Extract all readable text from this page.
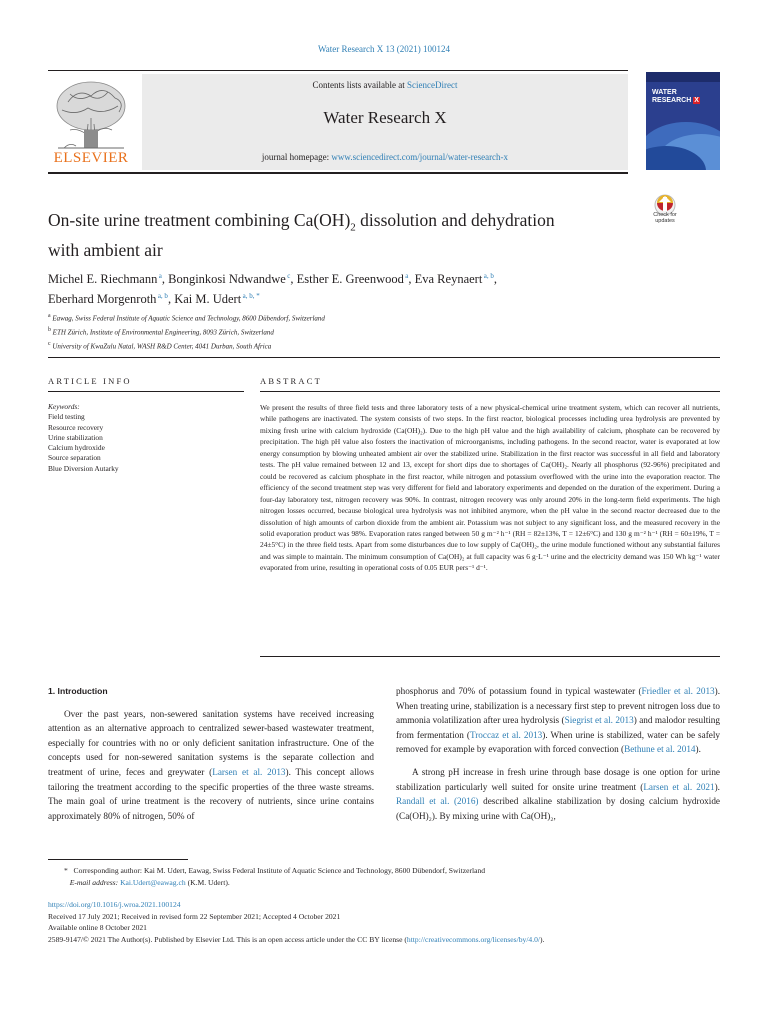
Water Research X 13 (2021) 100124
ELSEVIER
Contents lists available at ScienceDirect
Water Research X
journal homepage: www.sciencedirect.com/journal/water-research-x
WATER
RESEARCH X
On-site urine treatment combining $Ca(OH)_2$ dissolution and dehydration
with ambient air
Check for
updates
Michel E. Riechmann $^a$, Bonginkosi Ndwandwe $^c$, Esther E. Greenwood $^a$, Eva Reynaert $^{a, b}$,
Eberhard Morgenroth $^{a, b}$, Kai M. Udert $^{a, b, *}$
$^a$ Eawag, Swiss Federal Institute of Aquatic Science and Technology, 8600 Dübendorf, Switzerland
$^b$ ETH Zürich, Institute of Environmental Engineering, 8093 Zürich, Switzerland
$^c$ University of KwaZulu Natal, WASH R&D Center, 4041 Durban, South Africa
ARTICLE INFO	ABSTRACT
Keywords:
Field testing
Resource recovery
Urine stabilization
Calcium hydroxide
Source separation
Blue Diversion Autarky
We present the results of three field tests and three laboratory tests of a new physical-chemical urine treatment system, which can recover all nutrients, while pathogens are inactivated. The system consists of two steps. In the first reactor, biological processes including urea hydrolysis are prevented by mixing fresh urine with calcium hydroxide (Ca(OH)₂). Due to the high pH value and the high availability of calcium, phosphate can be recovered by precipitation. The high pH value also fosters the inactivation of microorganisms, including pathogens. In the second reactor, water is evaporated at low energy consumption by blowing unheated ambient air over the stabilized urine. Stabilization in the first reactor was successful in all field and laboratory tests. The pH value remained between 12 and 13, except for short dips due to shortages of Ca(OH)₂. Nearly all phosphorus (92-96%) precipitated and could be recovered as calcium phosphate in the first reactor, while nitrogen and potassium overflowed with the urine into the evaporation reactor. The efficiency of the second treatment step was very different for field and laboratory experiments and depended on the duration of the experiment. During a four-day laboratory test, nitrogen recovery was 90%. In contrast, nitrogen recovery was only around 20% in the long-term field experiments. The high nitrogen losses occurred, because biological urea hydrolysis was not inhibited anymore, when the pH value in the second reactor decreased due to the dissolution of high amounts of carbon dioxide from the ambient air. Potassium was not subject to any significant loss, and the measured recovery in the solid evaporation product was 98%. Evaporation rates ranged between 50 g m⁻² h⁻¹ (RH = 82±13%, T = 12±6°C) and 130 g m⁻² h⁻¹ (RH = 60±19%, T = 24±5°C) in the three field tests. Apart from some disturbances due to low supply of Ca(OH)₂, the urine module functioned without any substantial failures and was simple to maintain. The minimum consumption of Ca(OH)₂ at full capacity was 6 g·L⁻¹ urine and the electricity demand was 150 Wh kg⁻¹ water evaporated from urine, resulting in operational costs of 0.05 EUR pers⁻¹ d⁻¹.

1. Introduction

Over the past years, non-sewered sanitation systems have received increasing attention as an alternative approach to centralized sewer-based wastewater treatment, especially for countries with no or only deficient sanitation infrastructure. One of the concepts used for non-sewered sanitation systems is the separate collection and treatment of urine, feces and greywater (Larsen et al. 2013). This concept allows tailoring the treatment according to the specific properties of the three waste streams. The main goal of urine treatment is the recovery of nutrients, since urine contains approximately 80% of nitrogen, 50% of

phosphorus and 70% of potassium found in typical wastewater (Friedler et al. 2013). When treating urine, stabilization is a necessary first step to prevent nitrogen loss due to ammonia volatilization after urea hydrolysis (Siegrist et al. 2013) and malodor resulting from fermentation (Troccaz et al. 2013). When urine is stabilized, water can be safely removed for example by evaporation with forced convection (Bethune et al. 2014).

A strong pH increase in fresh urine through base dosage is one option for urine stabilization particularly well suited for onsite urine treatment (Larsen et al. 2021). Randall et al. (2016) described alkaline stabilization by dosing calcium hydroxide (Ca(OH)₂). By mixing urine with Ca(OH)₂,

* Corresponding author: Kai M. Udert, Eawag, Swiss Federal Institute of Aquatic Science and Technology, 8600 Dübendorf, Switzerland
E-mail address: Kai.Udert@eawag.ch (K.M. Udert).
https://doi.org/10.1016/j.wroa.2021.100124
Received 17 July 2021; Received in revised form 22 September 2021; Accepted 4 October 2021
Available online 8 October 2021
2589-9147/© 2021 The Author(s). Published by Elsevier Ltd. This is an open access article under the CC BY license (http://creativecommons.org/licenses/by/4.0/).
